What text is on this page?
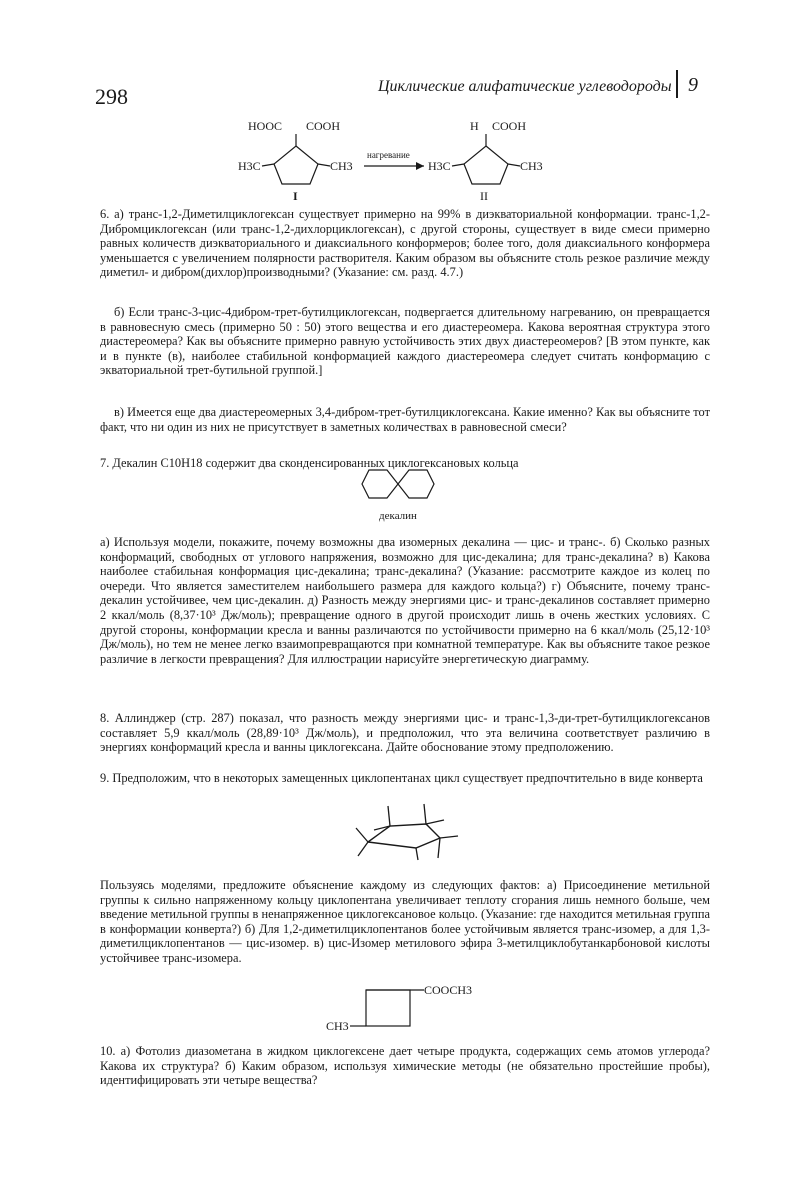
298	Циклические алифатические углеводороды 9
HOOC COOH
H3C	CH3
I
нагревание
H COOH
H3C	CH3
II

6. а) транс-1,2-Диметилциклогексан существует примерно на 99% в диэкваториальной конформации. транс-1,2-Дибромциклогексан (или транс-1,2-дихлорциклогексан), с другой стороны, существует в виде смеси примерно равных количеств диэкваториального и диаксиального конформеров; более того, доля диаксиального конформера уменьшается с увеличением полярности растворителя. Каким образом вы объясните столь резкое различие между диметил- и дибром(дихлор)производными? (Указание: см. разд. 4.7.)

б) Если транс-3-цис-4дибром-трет-бутилциклогексан, подвергается длительному нагреванию, он превращается в равновесную смесь (примерно 50 : 50) этого вещества и его диастереомера. Какова вероятная структура этого диастереомера? Как вы объясните примерно равную устойчивость этих двух диастереомеров? [В этом пункте, как и в пункте (в), наиболее стабильной конформацией каждого диастереомера следует считать конформацию с экваториальной трет-бутильной группой.]

в) Имеется еще два диастереомерных 3,4-дибром-трет-бутилциклогексана. Какие именно? Как вы объясните тот факт, что ни один из них не присутствует в заметных количествах в равновесной смеси?

7. Декалин C10H18 содержит два сконденсированных циклогексановых кольца

декалин

а) Используя модели, покажите, почему возможны два изомерных декалина — цис- и транс-. б) Сколько разных конформаций, свободных от углового напряжения, возможно для цис-декалина; для транс-декалина? в) Какова наиболее стабильная конформация цис-декалина; транс-декалина? (Указание: рассмотрите каждое из колец по очереди. Что является заместителем наибольшего размера для каждого кольца?) г) Объясните, почему транс-декалин устойчивее, чем цис-декалин. д) Разность между энергиями цис- и транс-декалинов составляет примерно 2 ккал/моль (8,37·10³ Дж/моль); превращение одного в другой происходит лишь в очень жестких условиях. С другой стороны, конформации кресла и ванны различаются по устойчивости примерно на 6 ккал/моль (25,12·10³ Дж/моль), но тем не менее легко взаимопревращаются при комнатной температуре. Как вы объясните такое резкое различие в легкости превращения? Для иллюстрации нарисуйте энергетическую диаграмму.

8. Аллинджер (стр. 287) показал, что разность между энергиями цис- и транс-1,3-ди-трет-бутилциклогексанов составляет 5,9 ккал/моль (28,89·10³ Дж/моль), и предположил, что эта величина соответствует различию в энергиях конформаций кресла и ванны циклогексана. Дайте обоснование этому предположению.

9. Предположим, что в некоторых замещенных циклопентанах цикл существует предпочтительно в виде конверта

Пользуясь моделями, предложите объяснение каждому из следующих фактов: а) Присоединение метильной группы к сильно напряженному кольцу циклопентана увеличивает теплоту сгорания лишь немного больше, чем введение метильной группы в ненапряженное циклогексановое кольцо. (Указание: где находится метильная группа в конформации конверта?) б) Для 1,2-диметилциклопентанов более устойчивым является транс-изомер, а для 1,3-диметилциклопентанов — цис-изомер. в) цис-Изомер метилового эфира 3-метилциклобутанкарбоновой кислоты устойчивее транс-изомера.

COOCH3
CH3

10. а) Фотолиз диазометана в жидком циклогексене дает четыре продукта, содержащих семь атомов углерода? Какова их структура? б) Каким образом, используя химические методы (не обязательно простейшие пробы), идентифицировать эти четыре вещества?
